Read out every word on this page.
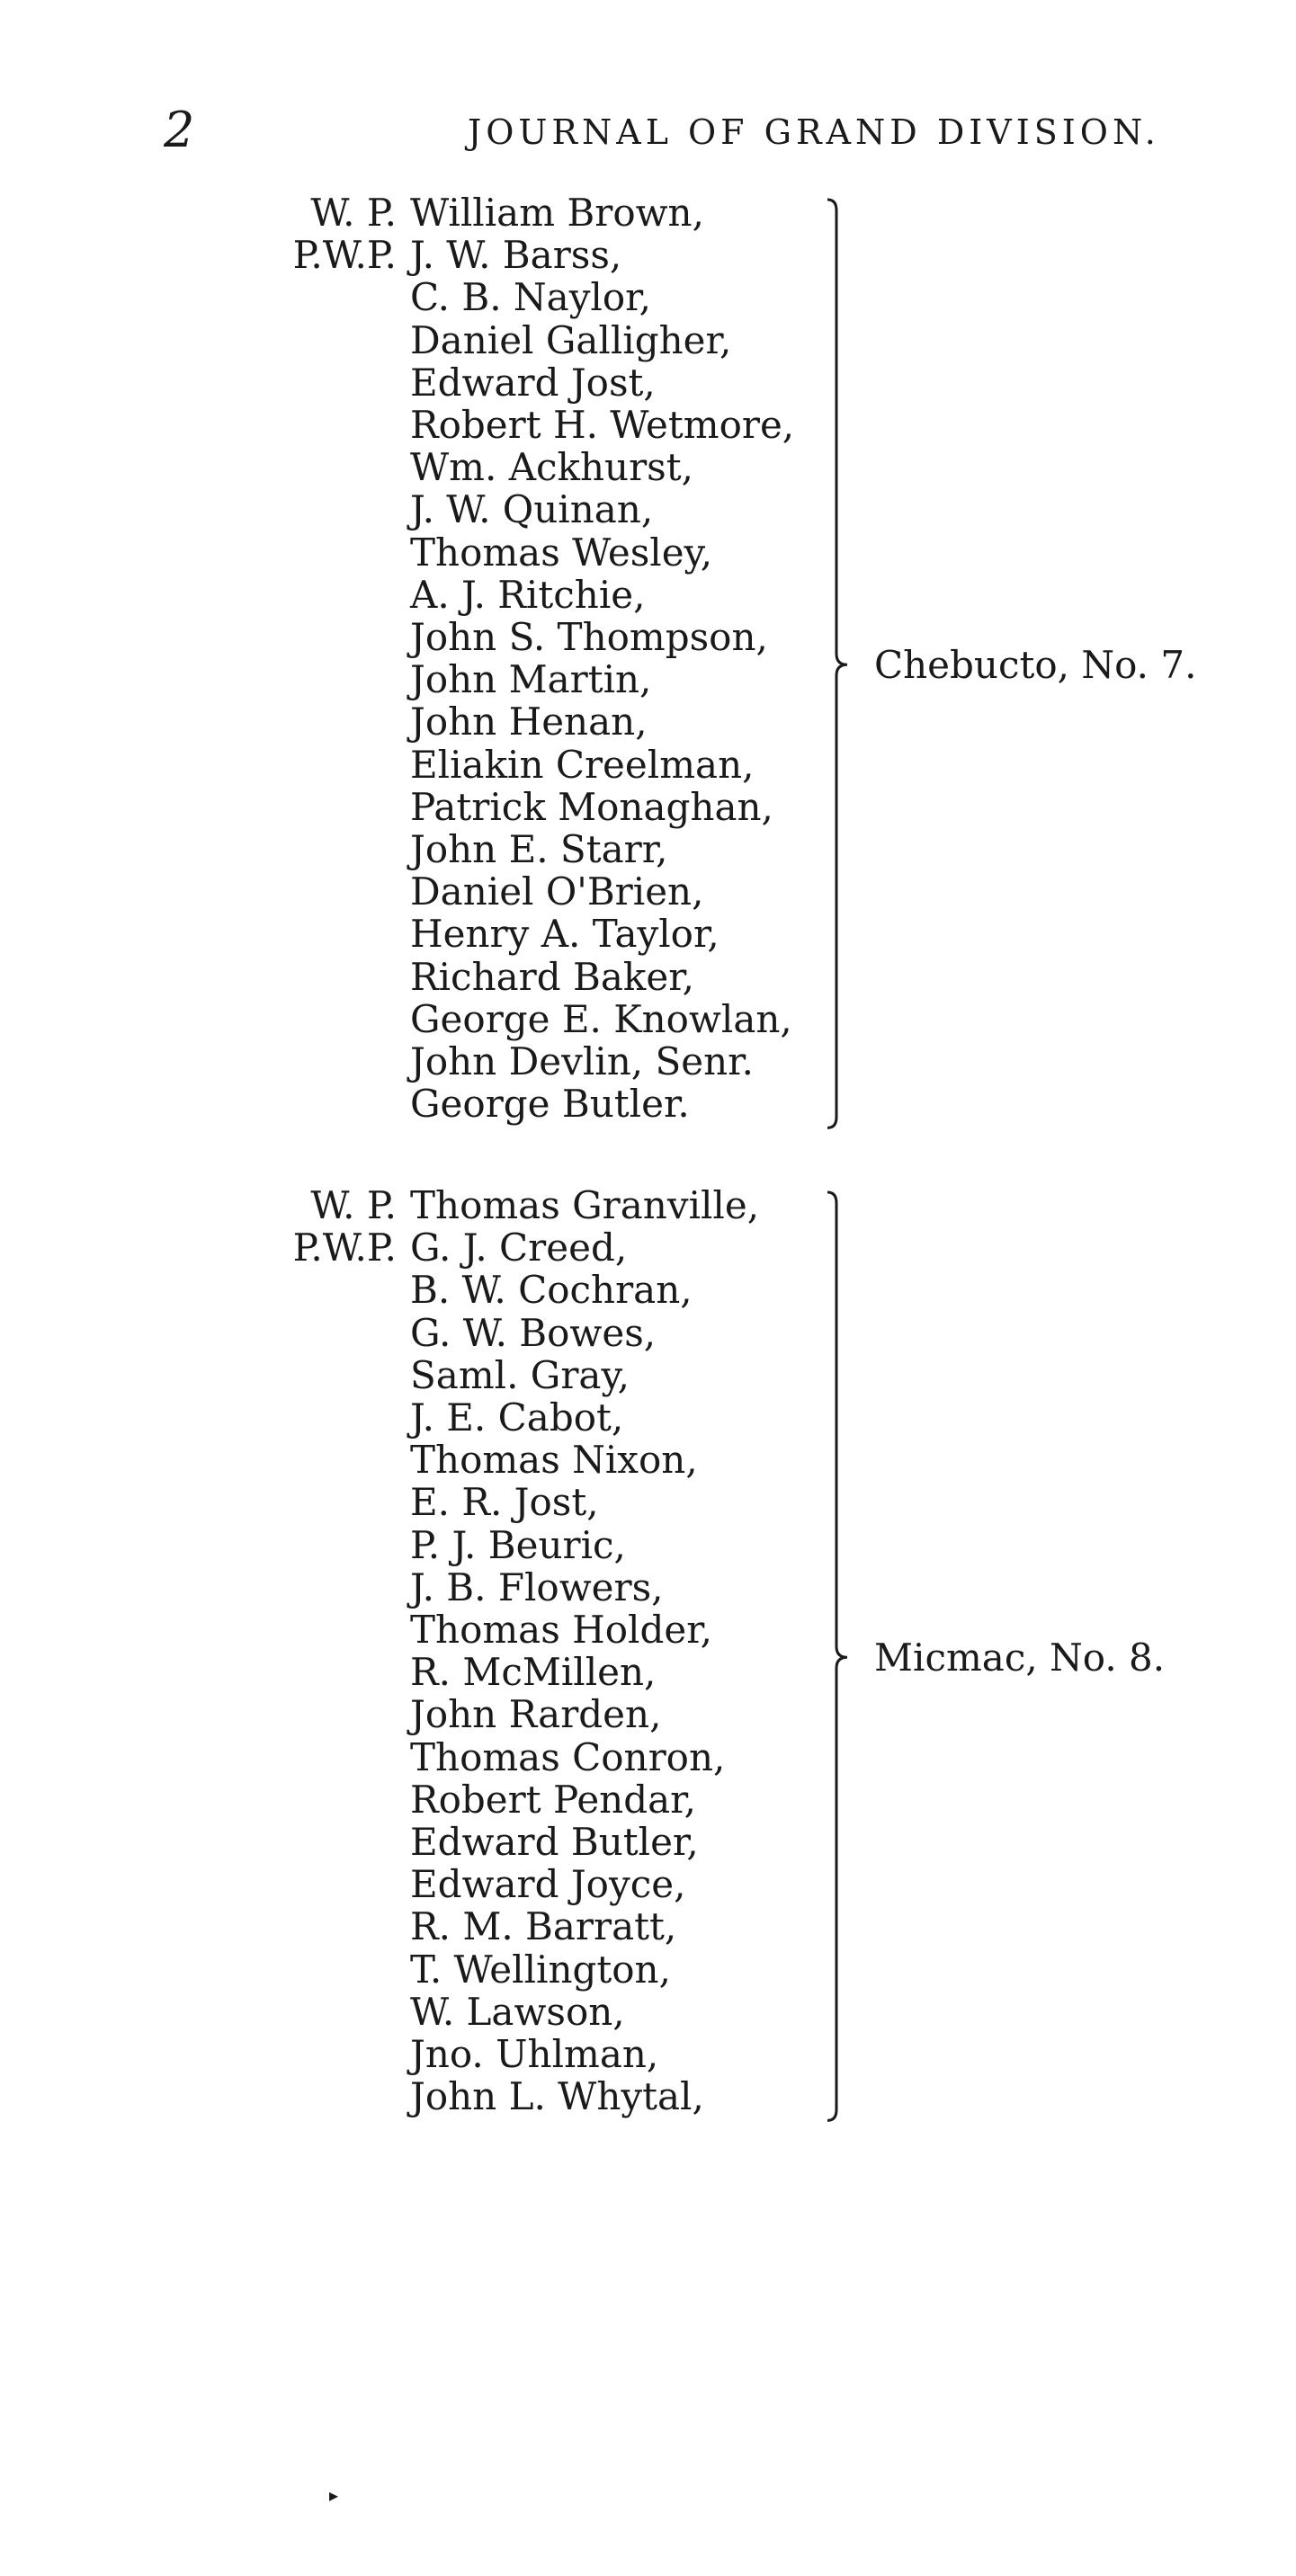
2	JOURNAL OF GRAND DIVISION.
W. P. William Brown,
P.W.P. J. W. Barss,
C. B. Naylor,
Daniel Galligher,
Edward Jost,
Robert H. Wetmore,
Wm. Ackhurst,
J. W. Quinan,
Thomas Wesley,
A. J. Ritchie,
John S. Thompson,
John Martin,
John Henan,
Eliakin Creelman,
Patrick Monaghan,
John E. Starr,
Daniel O'Brien,
Henry A. Taylor,
Richard Baker,
George E. Knowlan,
John Devlin, Senr.
George Butler.
Chebucto, No. 7.
W. P. Thomas Granville,
P.W.P. G. J. Creed,
B. W. Cochran,
G. W. Bowes,
Saml. Gray,
J. E. Cabot,
Thomas Nixon,
E. R. Jost,
P. J. Beuric,
J. B. Flowers,
Thomas Holder,
R. McMillen,
John Rarden,
Thomas Conron,
Robert Pendar,
Edward Butler,
Edward Joyce,
R. M. Barratt,
T. Wellington,
W. Lawson,
Jno. Uhlman,
John L. Whytal,
Micmac, No. 8.
▸
